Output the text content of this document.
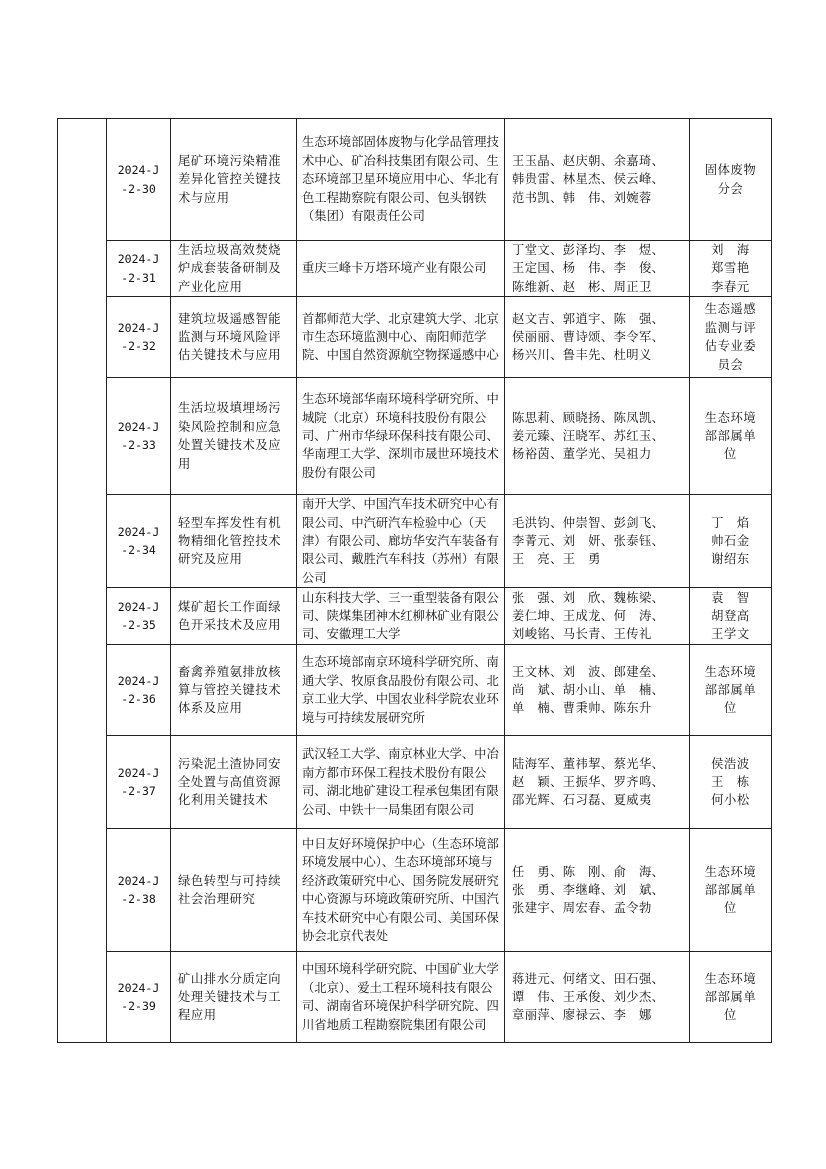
	2024-J
-2-30	尾矿环境污染精准差异化管控关键技术与应用	生态环境部固体废物与化学品管理技术中心、矿冶科技集团有限公司、生态环境部卫星环境应用中心、华北有色工程勘察院有限公司、包头钢铁（集团）有限责任公司	王玉晶、赵庆朝、余嘉琦、
韩贵雷、林星杰、侯云峰、
范书凯、韩　伟、刘婉蓉	固体废物
分会

	2024-J
-2-31	生活垃圾高效焚烧炉成套装备研制及产业化应用	重庆三峰卡万塔环境产业有限公司	丁堂文、彭泽均、李　煜、
王定国、杨　伟、李　俊、
陈维新、赵　彬、周正卫	刘　海
郑雪艳
李春元

	2024-J
-2-32	建筑垃圾遥感智能监测与环境风险评估关键技术与应用	首都师范大学、北京建筑大学、北京市生态环境监测中心、南阳师范学院、中国自然资源航空物探遥感中心	赵文吉、郭逍宇、陈　强、
侯丽丽、曹诗颂、李令军、
杨兴川、鲁丰先、杜明义	生态遥感
监测与评
估专业委
员会

	2024-J
-2-33	生活垃圾填埋场污染风险控制和应急处置关键技术及应用	生态环境部华南环境科学研究所、中城院（北京）环境科技股份有限公司、广州市华绿环保科技有限公司、华南理工大学、深圳市晟世环境技术股份有限公司	陈思莉、顾晓扬、陈凤凯、
姜元臻、汪晓军、苏红玉、
杨裕茵、董学光、吴祖力	生态环境
部部属单
位

	2024-J
-2-34	轻型车挥发性有机物精细化管控技术研究及应用	南开大学、中国汽车技术研究中心有限公司、中汽研汽车检验中心（天津）有限公司、廊坊华安汽车装备有限公司、戴胜汽车科技（苏州）有限公司	毛洪钧、仲崇智、彭剑飞、
李菁元、刘　妍、张泰钰、
王　亮、王　勇	丁　焰
帅石金
谢绍东

	2024-J
-2-35	煤矿超长工作面绿色开采技术及应用	山东科技大学、三一重型装备有限公司、陕煤集团神木红柳林矿业有限公司、安徽理工大学	张　强、刘　欣、魏栋梁、
姜仁坤、王成龙、何　涛、
刘峻铭、马长青、王传礼	袁　智
胡登高
王学文

	2024-J
-2-36	畜禽养殖氨排放核算与管控关键技术体系及应用	生态环境部南京环境科学研究所、南通大学、牧原食品股份有限公司、北京工业大学、中国农业科学院农业环境与可持续发展研究所	王文林、刘　波、郎建垒、
尚　斌、胡小山、单　楠、
单　楠、曹秉帅、陈东升	生态环境
部部属单
位

	2024-J
-2-37	污染泥土渣协同安全处置与高值资源化利用关键技术	武汉轻工大学、南京林业大学、中冶南方都市环保工程技术股份有限公司、湖北地矿建设工程承包集团有限公司、中铁十一局集团有限公司	陆海军、董祎挈、蔡光华、
赵　颖、王振华、罗齐鸣、
邵光辉、石习磊、夏威夷	侯浩波
王　栋
何小松

	2024-J
-2-38	绿色转型与可持续社会治理研究	中日友好环境保护中心（生态环境部环境发展中心）、生态环境部环境与经济政策研究中心、国务院发展研究中心资源与环境政策研究所、中国汽车技术研究中心有限公司、美国环保协会北京代表处	任　勇、陈　刚、俞　海、
张　勇、李继峰、刘　斌、
张建宇、周宏春、孟令勃	生态环境
部部属单
位

	2024-J
-2-39	矿山排水分质定向处理关键技术与工程应用	中国环境科学研究院、中国矿业大学（北京）、爱土工程环境科技有限公司、湖南省环境保护科学研究院、四川省地质工程勘察院集团有限公司	蒋进元、何绪文、田石强、
谭　伟、王承俊、刘少杰、
章丽萍、廖禄云、李　娜	生态环境
部部属单
位
